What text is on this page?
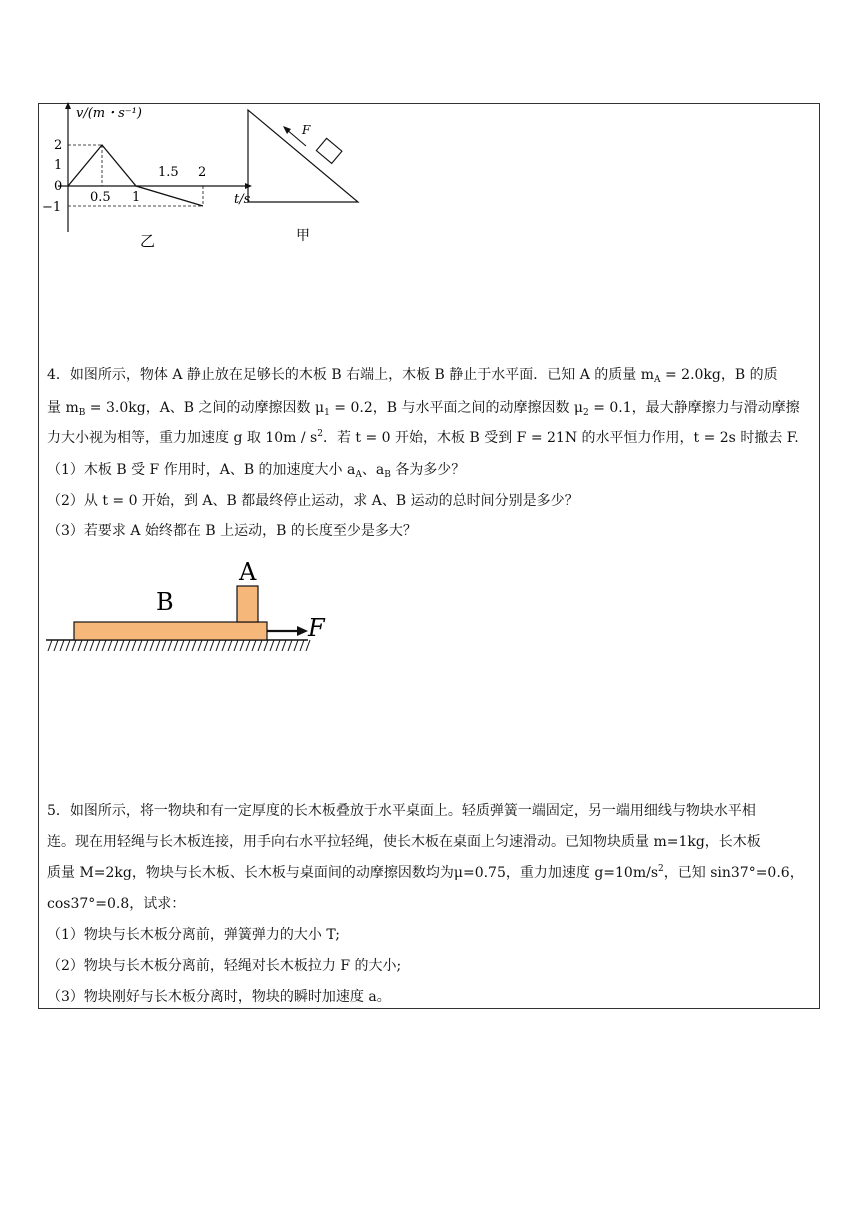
v/(m・s⁻¹)
2
1
0
−1
0.5 1
1.5 2
t/s
乙
F
甲

4．如图所示，物体 A 静止放在足够长的木板 B 右端上，木板 B 静止于水平面．已知 A 的质量 $m_A = 2.0kg$，B 的质

量 $m_B = 3.0kg$，A、B 之间的动摩擦因数 $\mu_1 = 0.2$，B 与水平面之间的动摩擦因数 $\mu_2 = 0.1$，最大静摩擦力与滑动摩擦

力大小视为相等，重力加速度 g 取 $10m / s^2$．若 t = 0 开始，木板 B 受到 F = 21N 的水平恒力作用，t = 2s 时撤去 F.

（1）木板 B 受 F 作用时，A、B 的加速度大小 $a_A$、$a_B$ 各为多少？

（2）从 t = 0 开始，到 A、B 都最终停止运动，求 A、B 运动的总时间分别是多少？

（3）若要求 A 始终都在 B 上运动，B 的长度至少是多大？

A
B
F

5．如图所示，将一物块和有一定厚度的长木板叠放于水平桌面上。轻质弹簧一端固定，另一端用细线与物块水平相

连。现在用轻绳与长木板连接，用手向右水平拉轻绳，使长木板在桌面上匀速滑动。已知物块质量 m=1kg，长木板

质量 M=2kg，物块与长木板、长木板与桌面间的动摩擦因数均为μ=0.75，重力加速度 $g=10m/s^2$，已知 sin37°=0.6，

cos37°=0.8，试求：

（1）物块与长木板分离前，弹簧弹力的大小 T;

（2）物块与长木板分离前，轻绳对长木板拉力 F 的大小;

（3）物块刚好与长木板分离时，物块的瞬时加速度 a。
